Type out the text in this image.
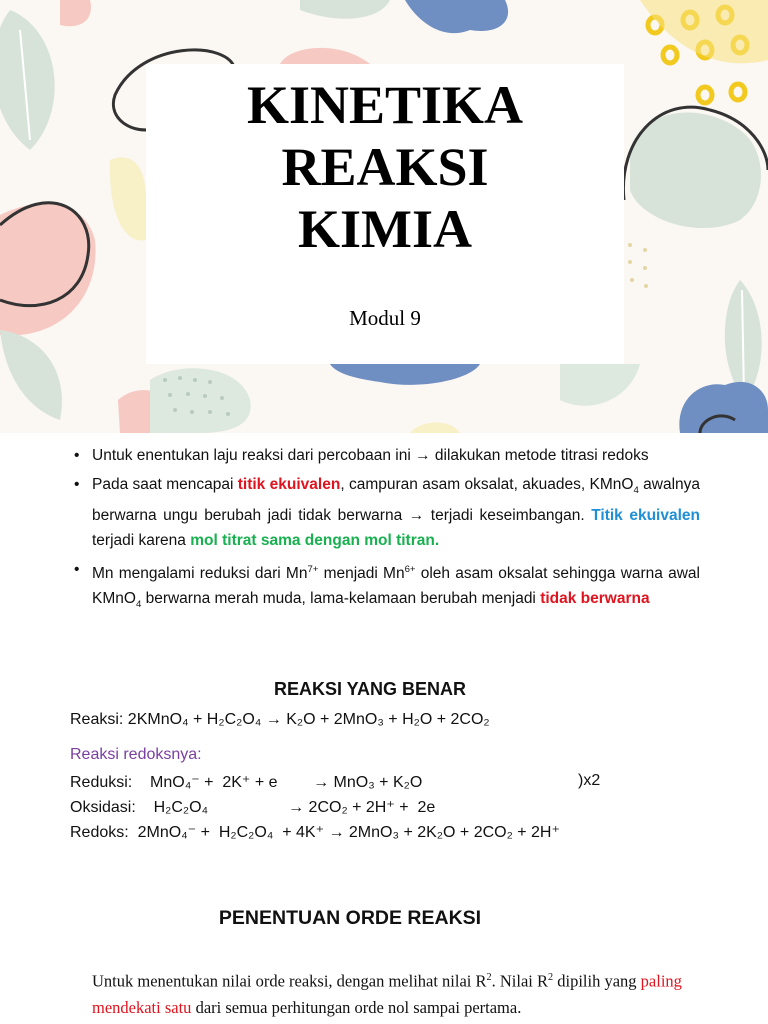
KINETIKA
REAKSI
KIMIA
Modul 9
• Untuk enentukan laju reaksi dari percobaan ini → dilakukan metode titrasi redoks
• Pada saat mencapai titik ekuivalen, campuran asam oksalat, akuades, KMnO$_4$ awalnya berwarna ungu berubah jadi tidak berwarna → terjadi keseimbangan. Titik ekuivalen terjadi karena mol titrat sama dengan mol titran.
• Mn mengalami reduksi dari $Mn^{7+}$ menjadi $Mn^{6+}$ oleh asam oksalat sehingga warna awal KMnO$_4$ berwarna merah muda, lama-kelamaan berubah menjadi tidak berwarna
REAKSI YANG BENAR
Reaksi: 2KMnO₄ + H₂C₂O₄ → K₂O + 2MnO₃ + H₂O + 2CO₂
Reaksi redoksnya:
Reduksi:    MnO₄⁻ +  2K⁺ + e        → MnO₃ + K₂O	)x2
Oksidasi:    H₂C₂O₄                  → 2CO₂ + 2H⁺ +  2e
Redoks:  2MnO₄⁻ +  H₂C₂O₄  + 4K⁺ → 2MnO₃ + 2K₂O + 2CO₂ + 2H⁺
PENENTUAN ORDE REAKSI
Untuk menentukan nilai orde reaksi, dengan melihat nilai $R^2$. Nilai $R^2$ dipilih yang paling mendekati satu dari semua perhitungan orde nol sampai pertama.
